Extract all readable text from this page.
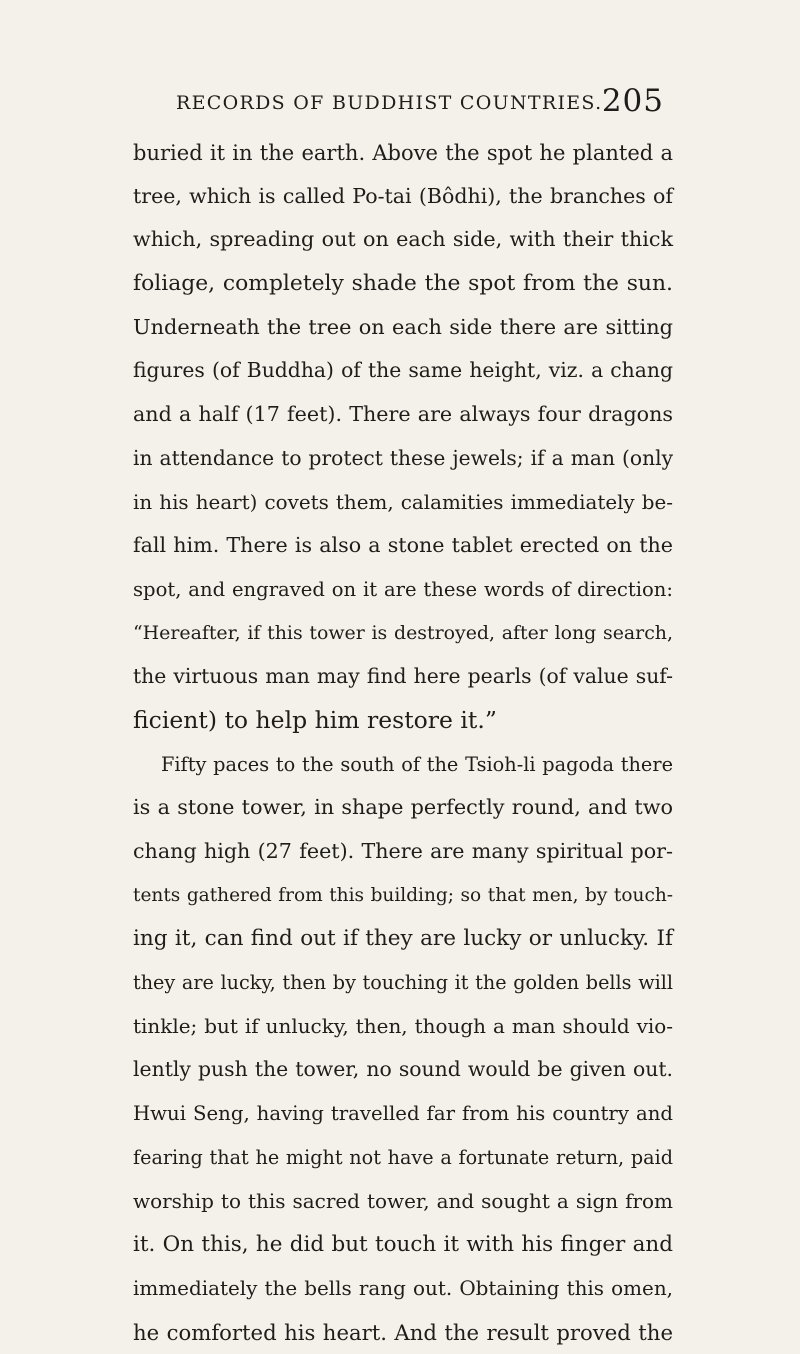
RECORDS OF BUDDHIST COUNTRIES. 205
buried it in the earth. Above the spot he planted a
tree, which is called Po-tai (Bôdhi), the branches of
which, spreading out on each side, with their thick
foliage, completely shade the spot from the sun.
Underneath the tree on each side there are sitting
figures (of Buddha) of the same height, viz. a chang
and a half (17 feet). There are always four dragons
in attendance to protect these jewels; if a man (only
in his heart) covets them, calamities immediately be-
fall him. There is also a stone tablet erected on the
spot, and engraved on it are these words of direction:
“Hereafter, if this tower is destroyed, after long search,
the virtuous man may find here pearls (of value suf-
ficient) to help him restore it.”
Fifty paces to the south of the Tsioh-li pagoda there
is a stone tower, in shape perfectly round, and two
chang high (27 feet). There are many spiritual por-
tents gathered from this building; so that men, by touch-
ing it, can find out if they are lucky or unlucky. If
they are lucky, then by touching it the golden bells will
tinkle; but if unlucky, then, though a man should vio-
lently push the tower, no sound would be given out.
Hwui Seng, having travelled far from his country and
fearing that he might not have a fortunate return, paid
worship to this sacred tower, and sought a sign from
it. On this, he did but touch it with his finger and
immediately the bells rang out. Obtaining this omen,
he comforted his heart. And the result proved the
